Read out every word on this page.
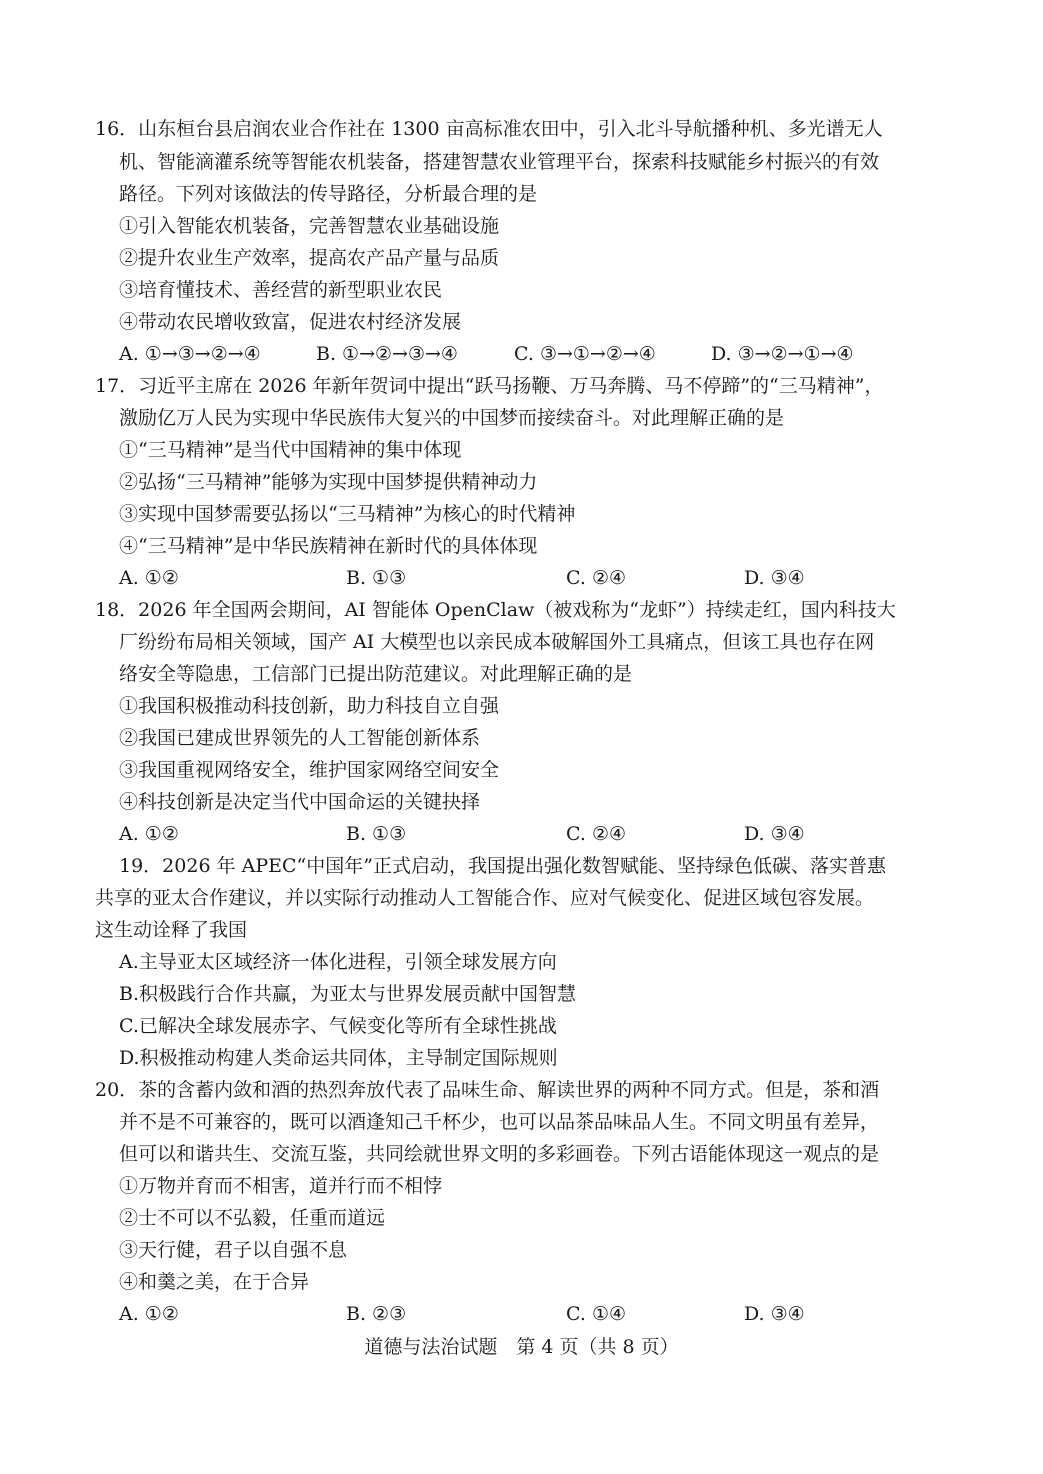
16．山东桓台县启润农业合作社在 1300 亩高标准农田中，引入北斗导航播种机、多光谱无人
机、智能滴灌系统等智能农机装备，搭建智慧农业管理平台，探索科技赋能乡村振兴的有效
路径。下列对该做法的传导路径，分析最合理的是
①引入智能农机装备，完善智慧农业基础设施
②提升农业生产效率，提高农产品产量与品质
③培育懂技术、善经营的新型职业农民
④带动农民增收致富，促进农村经济发展
A. ①→③→②→④	B. ①→②→③→④	C. ③→①→②→④	D. ③→②→①→④
17．习近平主席在 2026 年新年贺词中提出“跃马扬鞭、万马奔腾、马不停蹄”的“三马精神”，
激励亿万人民为实现中华民族伟大复兴的中国梦而接续奋斗。对此理解正确的是
①“三马精神”是当代中国精神的集中体现
②弘扬“三马精神”能够为实现中国梦提供精神动力
③实现中国梦需要弘扬以“三马精神”为核心的时代精神
④“三马精神”是中华民族精神在新时代的具体体现
A. ①②	B. ①③	C. ②④	D. ③④
18．2026 年全国两会期间，AI 智能体 OpenClaw（被戏称为“龙虾”）持续走红，国内科技大
厂纷纷布局相关领域，国产 AI 大模型也以亲民成本破解国外工具痛点，但该工具也存在网
络安全等隐患，工信部门已提出防范建议。对此理解正确的是
①我国积极推动科技创新，助力科技自立自强
②我国已建成世界领先的人工智能创新体系
③我国重视网络安全，维护国家网络空间安全
④科技创新是决定当代中国命运的关键抉择
A. ①②	B. ①③	C. ②④	D. ③④
19．2026 年 APEC“中国年”正式启动，我国提出强化数智赋能、坚持绿色低碳、落实普惠
共享的亚太合作建议，并以实际行动推动人工智能合作、应对气候变化、促进区域包容发展。
这生动诠释了我国
A.主导亚太区域经济一体化进程，引领全球发展方向
B.积极践行合作共赢，为亚太与世界发展贡献中国智慧
C.已解决全球发展赤字、气候变化等所有全球性挑战
D.积极推动构建人类命运共同体，主导制定国际规则
20．茶的含蓄内敛和酒的热烈奔放代表了品味生命、解读世界的两种不同方式。但是，茶和酒
并不是不可兼容的，既可以酒逢知己千杯少，也可以品茶品味品人生。不同文明虽有差异，
但可以和谐共生、交流互鉴，共同绘就世界文明的多彩画卷。下列古语能体现这一观点的是
①万物并育而不相害，道并行而不相悖
②士不可以不弘毅，任重而道远
③天行健，君子以自强不息
④和羹之美，在于合异
A. ①②	B. ②③	C. ①④	D. ③④
道德与法治试题　第 4 页（共 8 页）
